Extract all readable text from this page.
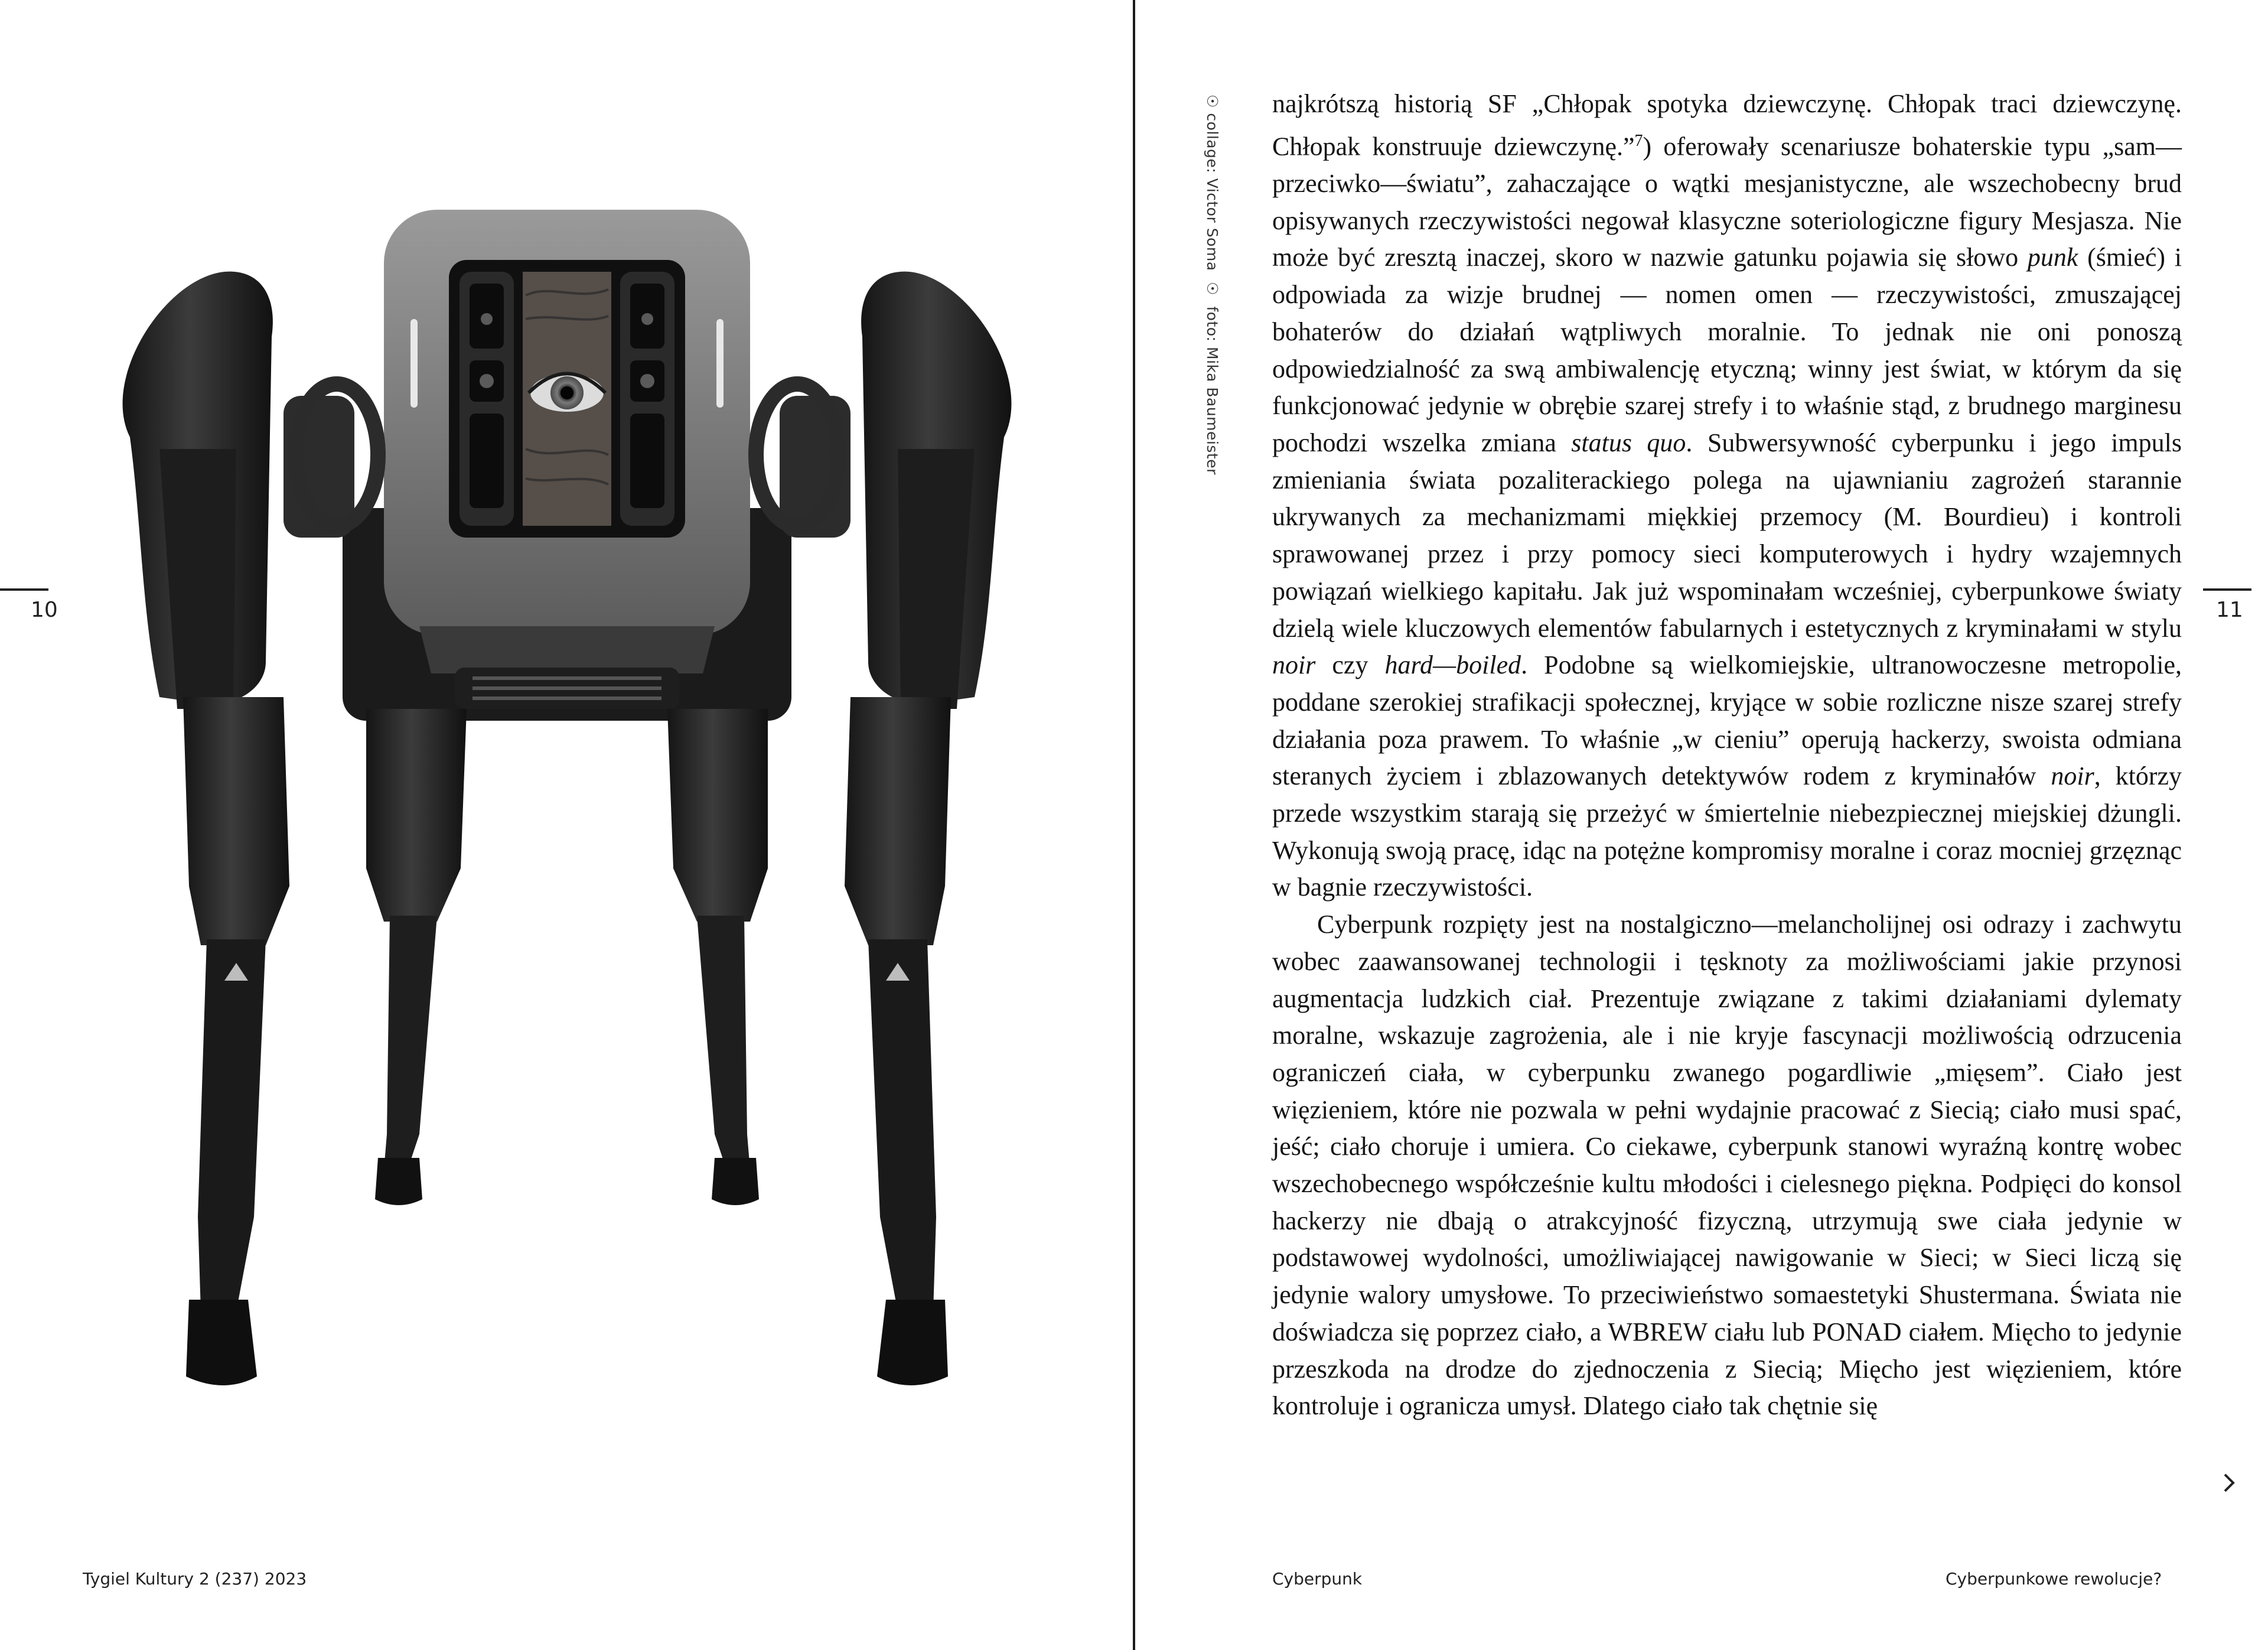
10
Tygiel Kultury 2 (237) 2023
11
Cyberpunk	Cyberpunkowe rewolucje?
☉ collage: Victor Soma ☉ foto: Mika Baumeister

najkrótszą historią SF „Chłopak spotyka dziewczynę. Chłopak traci dziewczynę. Chłopak konstruuje dziewczynę.”$^7$) oferowały scenariusze bohaterskie typu „sam—przeciwko—światu”, zahaczające o wątki mesjanistyczne, ale wszechobecny brud opisywanych rzeczywistości negował klasyczne soteriologiczne figury Mesjasza. Nie może być zresztą inaczej, skoro w nazwie gatunku pojawia się słowo punk (śmieć) i odpowiada za wizje brudnej — nomen omen — rzeczywistości, zmuszającej bohaterów do działań wątpliwych moralnie. To jednak nie oni ponoszą odpowiedzialność za swą ambiwalencję etyczną; winny jest świat, w którym da się funkcjonować jedynie w obrębie szarej strefy i to właśnie stąd, z brudnego marginesu pochodzi wszelka zmiana status quo. Subwersywność cyberpunku i jego impuls zmieniania świata pozaliterackiego polega na ujawnianiu zagrożeń starannie ukrywanych za mechanizmami miękkiej przemocy (M. Bourdieu) i kontroli sprawowanej przez i przy pomocy sieci komputerowych i hydry wzajemnych powiązań wielkiego kapitału. Jak już wspominałam wcześniej, cyberpunkowe światy dzielą wiele kluczowych elementów fabularnych i estetycznych z kryminałami w stylu noir czy hard—boiled. Podobne są wielkomiejskie, ultranowoczesne metropolie, poddane szerokiej strafikacji społecznej, kryjące w sobie rozliczne nisze szarej strefy działania poza prawem. To właśnie „w cieniu” operują hackerzy, swoista odmiana steranych życiem i zblazowanych detektywów rodem z kryminałów noir, którzy przede wszystkim starają się przeżyć w śmiertelnie niebezpiecznej miejskiej dżungli. Wykonują swoją pracę, idąc na potężne kompromisy moralne i coraz mocniej grzęznąc w bagnie rzeczywistości.

Cyberpunk rozpięty jest na nostalgiczno—melancholijnej osi odrazy i zachwytu wobec zaawansowanej technologii i tęsknoty za możliwościami jakie przynosi augmentacja ludzkich ciał. Prezentuje związane z takimi działaniami dylematy moralne, wskazuje zagrożenia, ale i nie kryje fascynacji możliwością odrzucenia ograniczeń ciała, w cyberpunku zwanego pogardliwie „mięsem”. Ciało jest więzieniem, które nie pozwala w pełni wydajnie pracować z Siecią; ciało musi spać, jeść; ciało choruje i umiera. Co ciekawe, cyberpunk stanowi wyraźną kontrę wobec wszechobecnego współcześnie kultu młodości i cielesnego piękna. Podpięci do konsol hackerzy nie dbają o atrakcyjność fizyczną, utrzymują swe ciała jedynie w podstawowej wydolności, umożliwiającej nawigowanie w Sieci; w Sieci liczą się jedynie walory umysłowe. To przeciwieństwo somaestetyki Shustermana. Świata nie doświadcza się poprzez ciało, a WBREW ciału lub PONAD ciałem. Mięcho to jedynie przeszkoda na drodze do zjednoczenia z Siecią; Mięcho jest więzieniem, które kontroluje i ogranicza umysł. Dlatego ciało tak chętnie się
